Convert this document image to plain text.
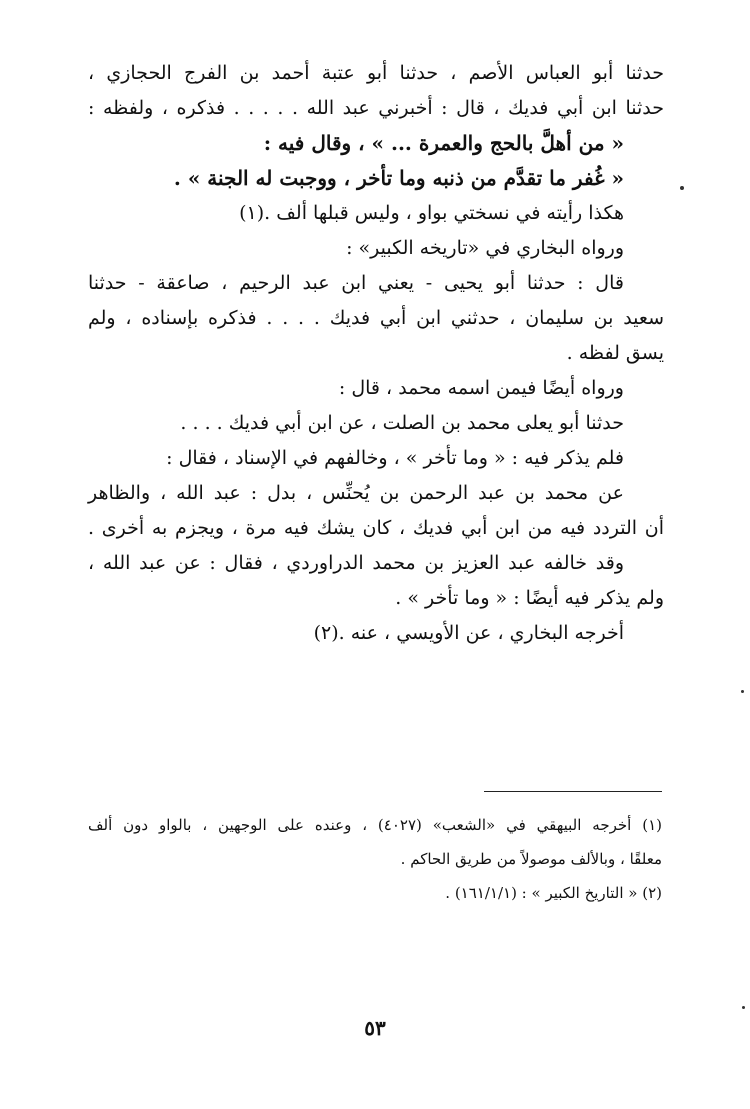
حدثنا أبو العباس الأصم ، حدثنا أبو عتبة أحمد بن الفرج الحجازي ،
حدثنا ابن أبي فديك ، قال : أخبرني عبد الله . . . . . فذكره ، ولفظه :
« من أهلَّ بالحج والعمرة ... » ، وقال فيه :
« غُفر ما تقدَّم من ذنبه وما تأخر ، ووجبت له الجنة » .
هكذا رأيته في نسختي بواو ، وليس قبلها ألف .(١)
ورواه البخاري في «تاريخه الكبير» :
قال : حدثنا أبو يحيى - يعني ابن عبد الرحيم ، صاعقة - حدثنا
سعيد بن سليمان ، حدثني ابن أبي فديك . . . . فذكره بإسناده ، ولم
يسق لفظه .
ورواه أيضًا فيمن اسمه محمد ، قال :
حدثنا أبو يعلى محمد بن الصلت ، عن ابن أبي فديك . . . .
فلم يذكر فيه : « وما تأخر » ، وخالفهم في الإسناد ، فقال :
عن محمد بن عبد الرحمن بن يُحنِّس ، بدل : عبد الله ، والظاهر
أن التردد فيه من ابن أبي فديك ، كان يشك فيه مرة ، ويجزم به أخرى .
وقد خالفه عبد العزيز بن محمد الدراوردي ، فقال : عن عبد الله ،
ولم يذكر فيه أيضًا : « وما تأخر » .
أخرجه البخاري ، عن الأويسي ، عنه .(٢)
(١) أخرجه البيهقي في «الشعب» (٤٠٢٧) ، وعنده على الوجهين ، بالواو دون ألف
معلقًا ، وبالألف موصولاً من طريق الحاكم .
(٢) « التاريخ الكبير » : (١٦١/١/١) .
٥٣
